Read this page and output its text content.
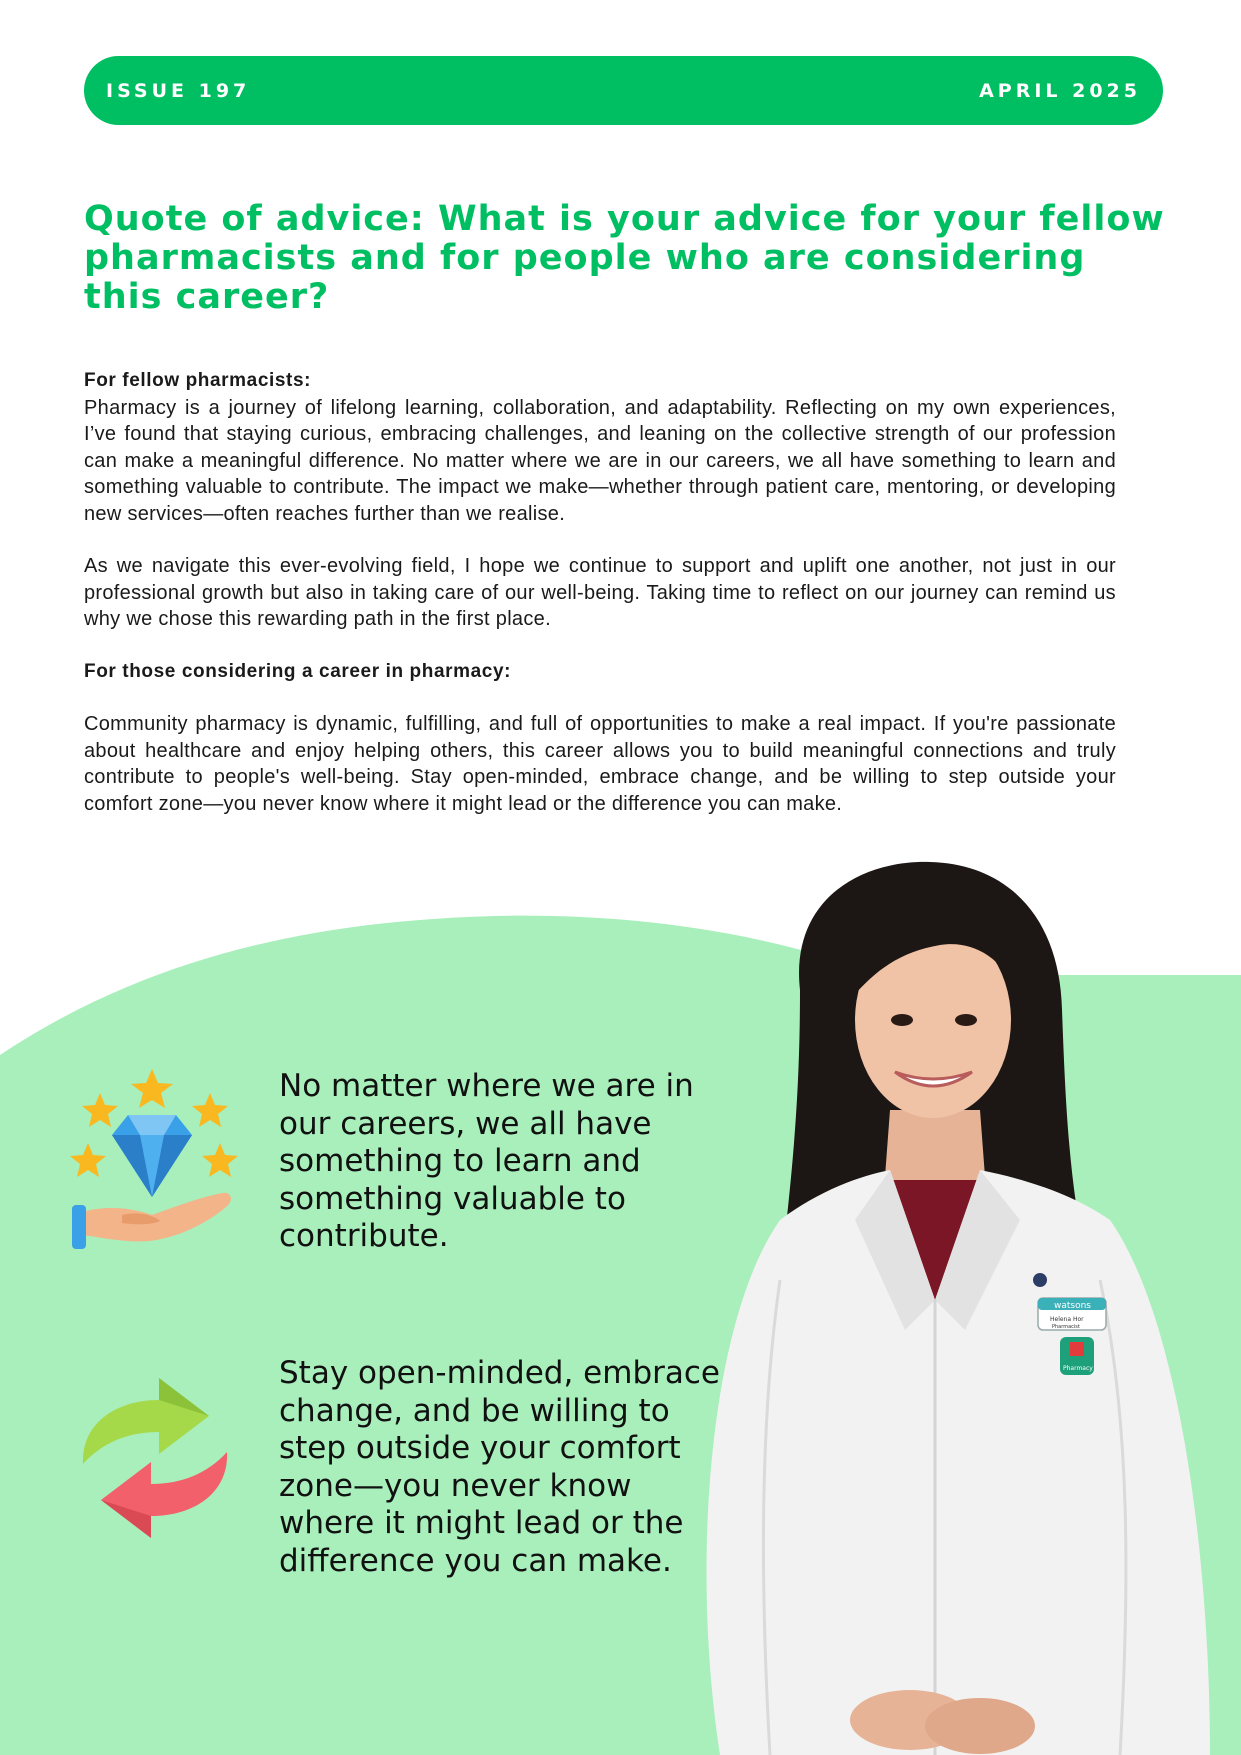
ISSUE 197	APRIL 2025
Quote of advice: What is your advice for your fellow pharmacists and for people who are considering this career?

For fellow pharmacists:

Pharmacy is a journey of lifelong learning, collaboration, and adaptability. Reflecting on my own experiences, I’ve found that staying curious, embracing challenges, and leaning on the collective strength of our profession can make a meaningful difference. No matter where we are in our careers, we all have something to learn and something valuable to contribute. The impact we make—whether through patient care, mentoring, or developing new services—often reaches further than we realise.

As we navigate this ever-evolving field, I hope we continue to support and uplift one another, not just in our professional growth but also in taking care of our well-being. Taking time to reflect on our journey can remind us why we chose this rewarding path in the first place.

For those considering a career in pharmacy:

Community pharmacy is dynamic, fulfilling, and full of opportunities to make a real impact. If you're passionate about healthcare and enjoy helping others, this career allows you to build meaningful connections and truly contribute to people's well-being. Stay open-minded, embrace change, and be willing to step outside your comfort zone—you never know where it might lead or the difference you can make.

No matter where we are in our careers, we all have something to learn and something valuable to contribute.

Stay open-minded, embrace change, and be willing to step outside your comfort zone—you never know where it might lead or the difference you can make.

watsons
Helena Hor
Pharmacist
Pharmacy
